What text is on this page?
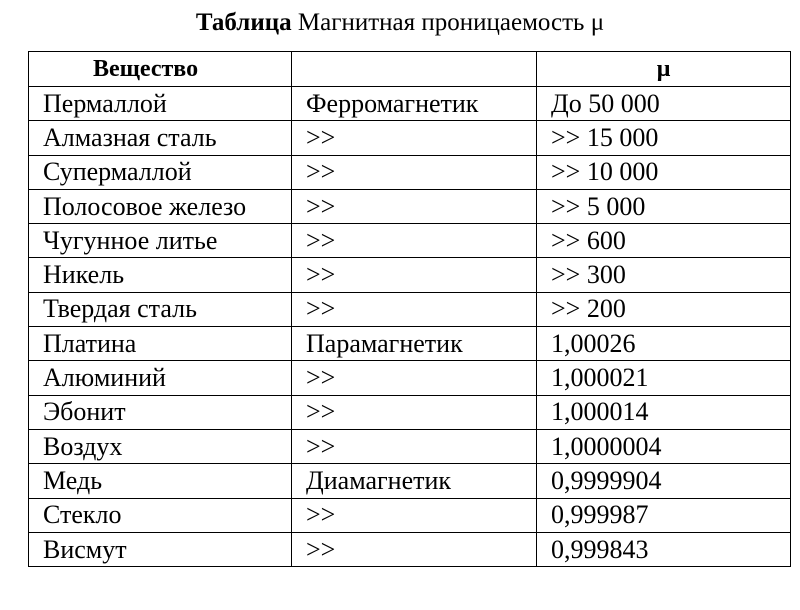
Таблица Магнитная проницаемость μ
Вещество		μ
Пермаллой	Ферромагнетик	До 50 000
Алмазная сталь	>>	>> 15 000
Супермаллой	>>	>> 10 000
Полосовое железо	>>	>> 5 000
Чугунное литье	>>	>> 600
Никель	>>	>> 300
Твердая сталь	>>	>> 200
Платина	Парамагнетик	1,00026
Алюминий	>>	1,000021
Эбонит	>>	1,000014
Воздух	>>	1,0000004
Медь	Диамагнетик	0,9999904
Стекло	>>	0,999987
Висмут	>>	0,999843
